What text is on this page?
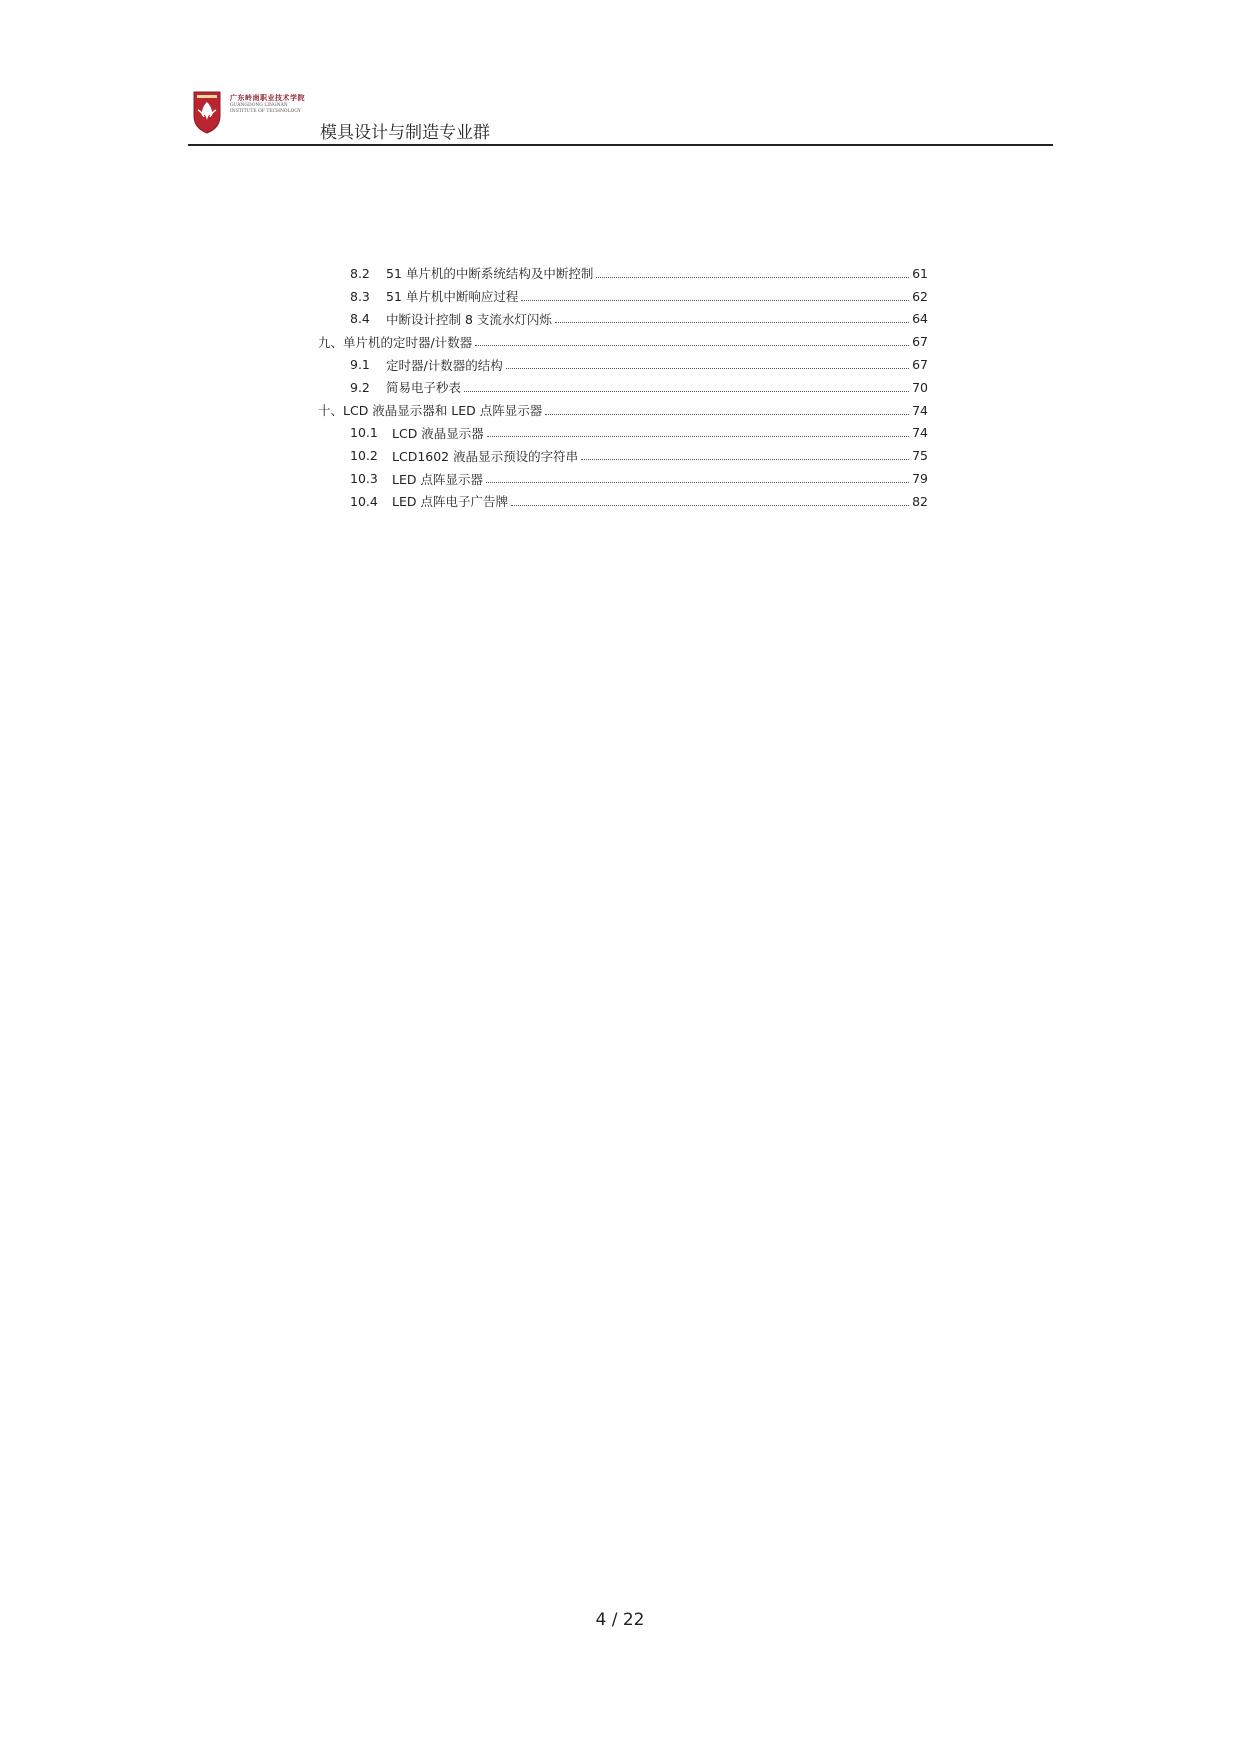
广东岭南职业技术学院
GUANGDONG LINGNAN
INSTITUTE OF TECHNOLOGY
模具设计与制造专业群
8.2	51 单片机的中断系统结构及中断控制	61
8.3	51 单片机中断响应过程	62
8.4	中断设计控制 8 支流水灯闪烁	64
九、单片机的定时器/计数器	67
9.1	定时器/计数器的结构	67
9.2	简易电子秒表	70
十、LCD 液晶显示器和 LED 点阵显示器	74
10.1	LCD 液晶显示器	74
10.2	LCD1602 液晶显示预设的字符串	75
10.3	LED 点阵显示器	79
10.4	LED 点阵电子广告牌	82
4 / 22
